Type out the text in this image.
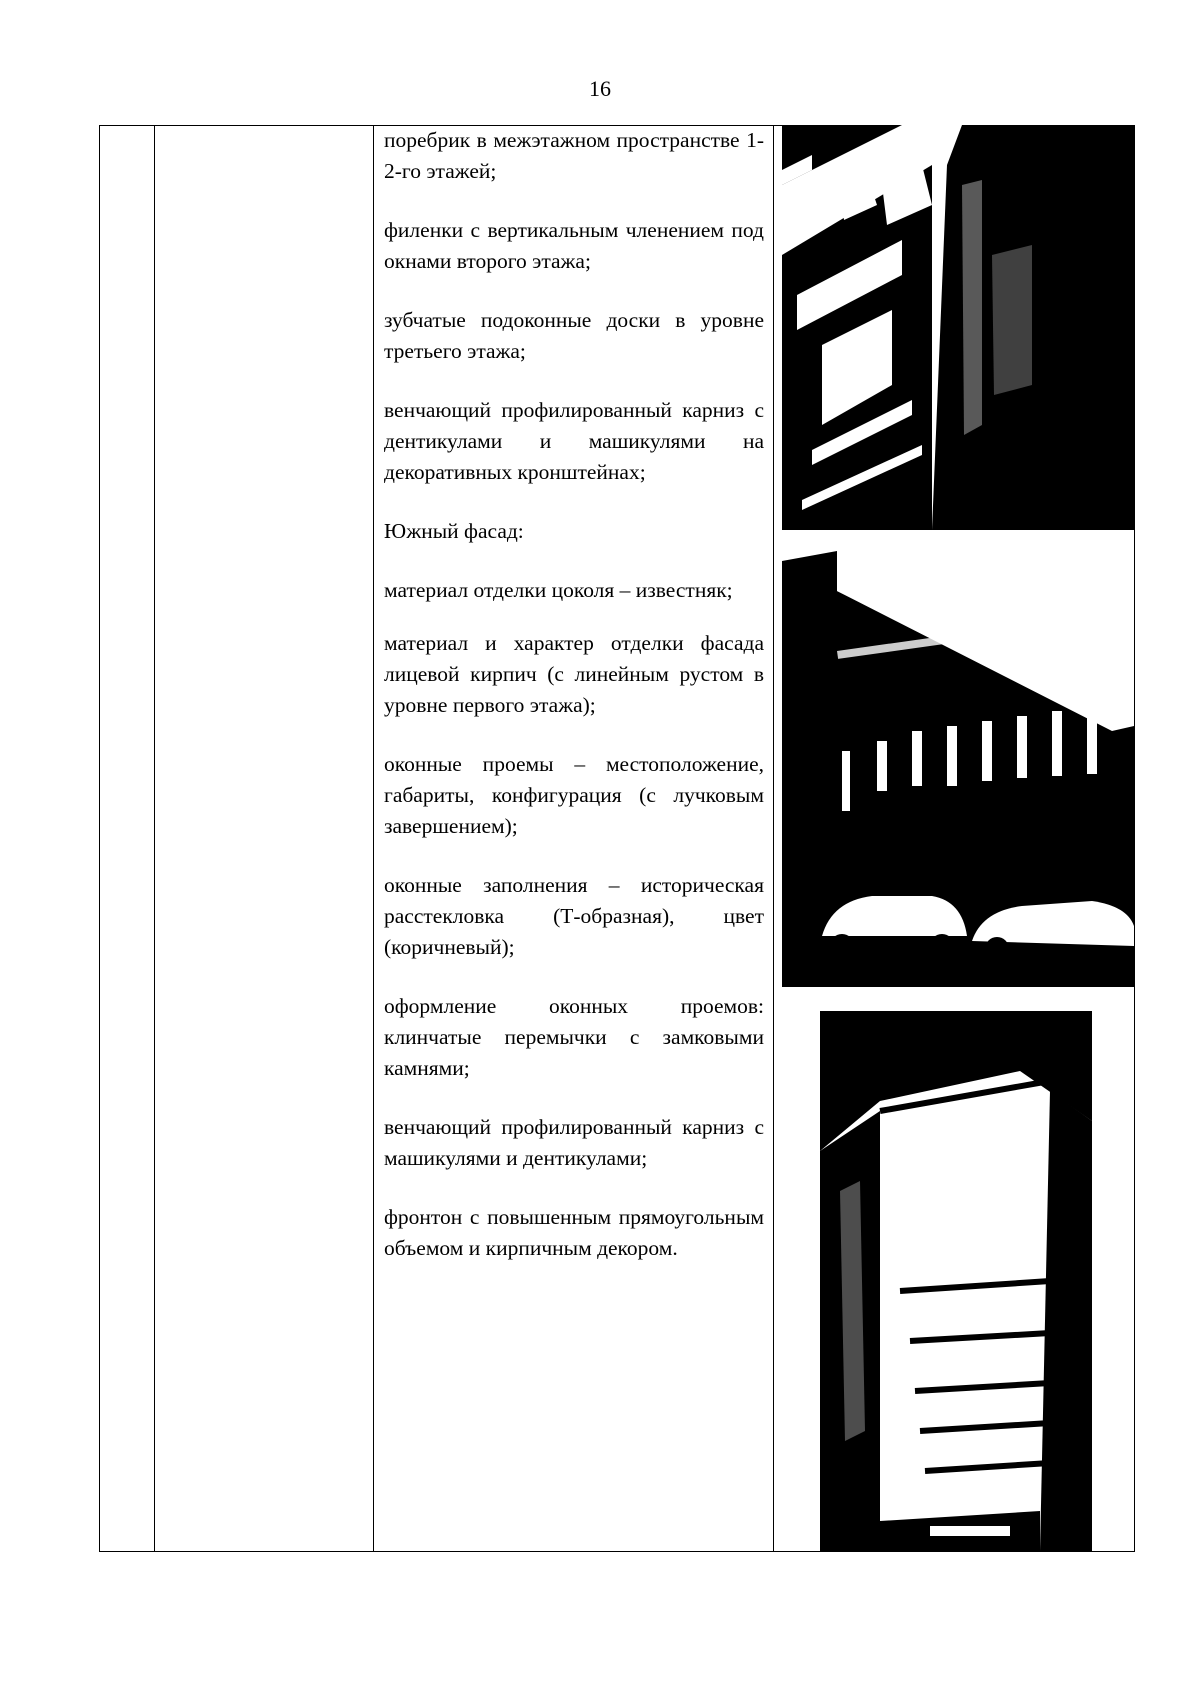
16

поребрик в межэтажном пространстве 1-2-го этажей;

филенки с вертикальным членением под окнами второго этажа;

зубчатые подоконные доски в уровне третьего этажа;

венчающий профилированный карниз с дентикулами и машикулями на декоративных кронштейнах;

Южный фасад:

материал отделки цоколя – известняк;

материал и характер отделки фасада лицевой кирпич (с линейным рустом в уровне первого этажа);

оконные проемы – местоположение, габариты, конфигурация (с лучковым завершением);

оконные заполнения – историческая расстекловка (Т-образная), цвет (коричневый);

оформление оконных проемов: клинчатые перемычки с замковыми камнями;

венчающий профилированный карниз с машикулями и дентикулами;

фронтон с повышенным прямоугольным объемом и кирпичным декором.
